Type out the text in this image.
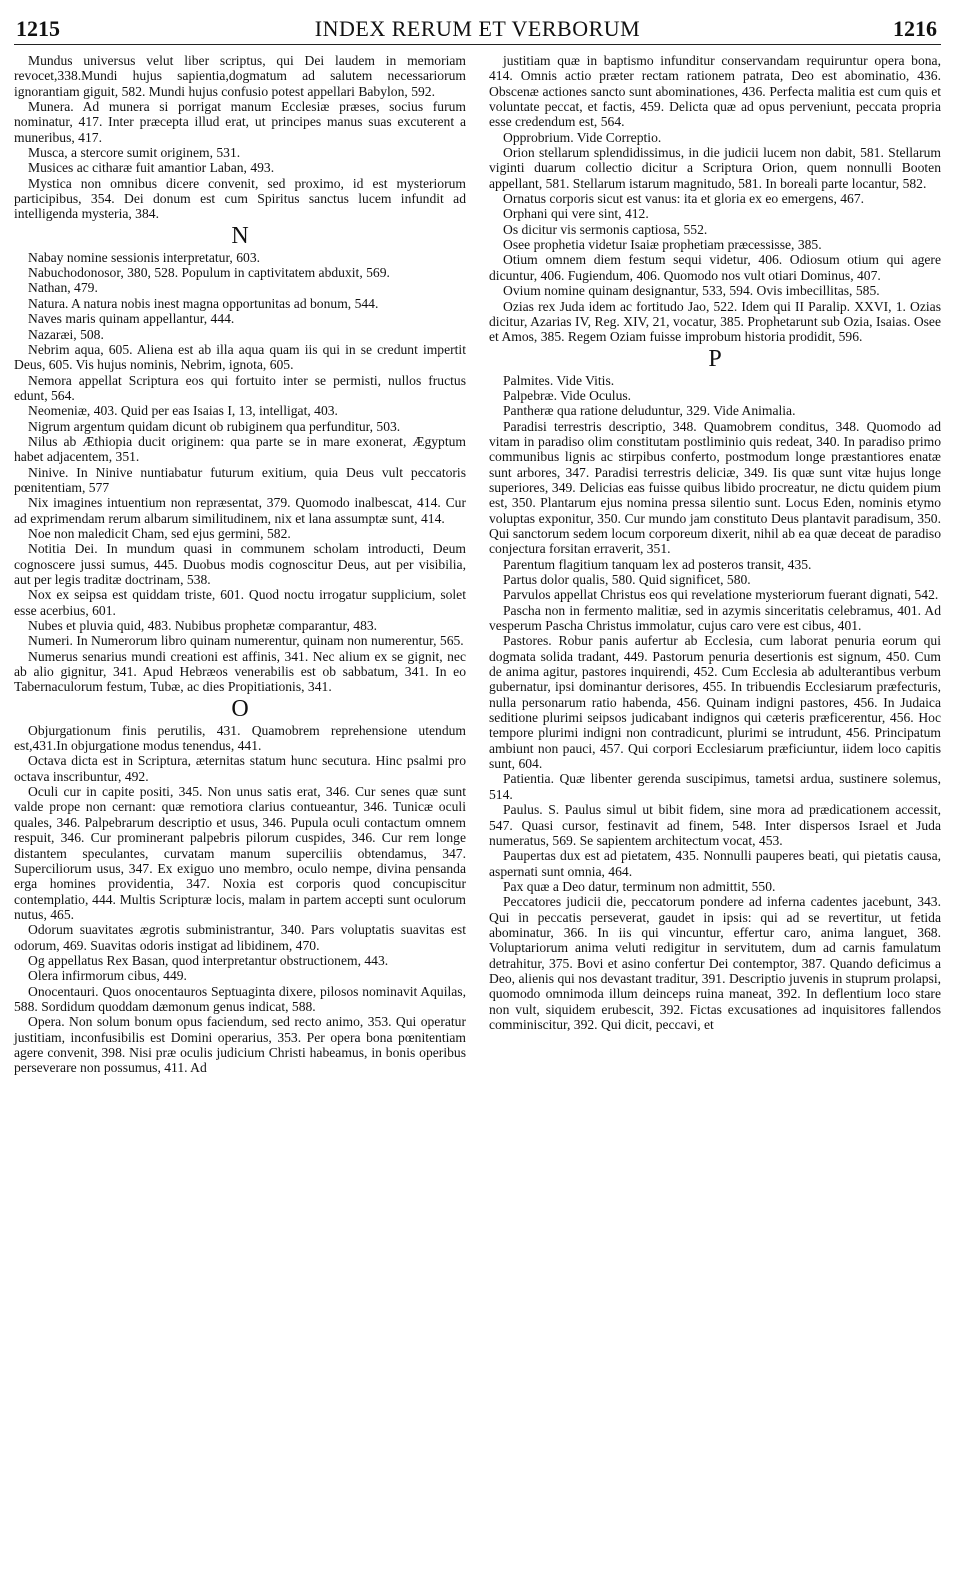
1215	INDEX RERUM ET VERBORUM	1216

Mundus universus velut liber scriptus, qui Dei laudem in memoriam revocet,338.Mundi hujus sapientia,dogmatum ad salutem necessariorum ignorantiam giguit, 582. Mundi hujus confusio potest appellari Babylon, 592.

Munera. Ad munera si porrigat manum Ecclesiæ præses, socius furum nominatur, 417. Inter præcepta illud erat, ut principes manus suas excuterent a muneribus, 417.

Musca, a stercore sumit originem, 531.

Musices ac citharæ fuit amantior Laban, 493.

Mystica non omnibus dicere convenit, sed proximo, id est mysteriorum participibus, 354. Dei donum est cum Spiritus sanctus lucem infundit ad intelligenda mysteria, 384.

N

Nabay nomine sessionis interpretatur, 603.

Nabuchodonosor, 380, 528. Populum in captivitatem abduxit, 569.

Nathan, 479.

Natura. A natura nobis inest magna opportunitas ad bonum, 544.

Naves maris quinam appellantur, 444.

Nazaræi, 508.

Nebrim aqua, 605. Aliena est ab illa aqua quam iis qui in se credunt impertit Deus, 605. Vis hujus nominis, Nebrim, ignota, 605.

Nemora appellat Scriptura eos qui fortuito inter se permisti, nullos fructus edunt, 564.

Neomeniæ, 403. Quid per eas Isaias I, 13, intelligat, 403.

Nigrum argentum quidam dicunt ob rubiginem qua perfunditur, 503.

Nilus ab Æthiopia ducit originem: qua parte se in mare exonerat, Ægyptum habet adjacentem, 351.

Ninive. In Ninive nuntiabatur futurum exitium, quia Deus vult peccatoris pœnitentiam, 577

Nix imagines intuentium non repræsentat, 379. Quomodo inalbescat, 414. Cur ad exprimendam rerum albarum similitudinem, nix et lana assumptæ sunt, 414.

Noe non maledicit Cham, sed ejus germini, 582.

Notitia Dei. In mundum quasi in communem scholam introducti, Deum cognoscere jussi sumus, 445. Duobus modis cognoscitur Deus, aut per visibilia, aut per legis traditæ doctrinam, 538.

Nox ex seipsa est quiddam triste, 601. Quod noctu irrogatur supplicium, solet esse acerbius, 601.

Nubes et pluvia quid, 483. Nubibus prophetæ comparantur, 483.

Numeri. In Numerorum libro quinam numerentur, quinam non numerentur, 565.

Numerus senarius mundi creationi est affinis, 341. Nec alium ex se gignit, nec ab alio gignitur, 341. Apud Hebræos venerabilis est ob sabbatum, 341. In eo Tabernaculorum festum, Tubæ, ac dies Propitiationis, 341.

O

Objurgationum finis perutilis, 431. Quamobrem reprehensione utendum est,431.In objurgatione modus tenendus, 441.

Octava dicta est in Scriptura, æternitas statum hunc secutura. Hinc psalmi pro octava inscribuntur, 492.

Oculi cur in capite positi, 345. Non unus satis erat, 346. Cur senes quæ sunt valde prope non cernant: quæ remotiora clarius contueantur, 346. Tunicæ oculi quales, 346. Palpebrarum descriptio et usus, 346. Pupula oculi contactum omnem respuit, 346. Cur prominerant palpebris pilorum cuspides, 346. Cur rem longe distantem speculantes, curvatam manum superciliis obtendamus, 347. Superciliorum usus, 347. Ex exiguo uno membro, oculo nempe, divina pensanda erga homines providentia, 347. Noxia est corporis quod concupiscitur contemplatio, 444. Multis Scripturæ locis, malam in partem accepti sunt oculorum nutus, 465.

Odorum suavitates ægrotis subministrantur, 340. Pars voluptatis suavitas est odorum, 469. Suavitas odoris instigat ad libidinem, 470.

Og appellatus Rex Basan, quod interpretantur obstructionem, 443.

Olera infirmorum cibus, 449.

Onocentauri. Quos onocentauros Septuaginta dixere, pilosos nominavit Aquilas, 588. Sordidum quoddam dæmonum genus indicat, 588.

Opera. Non solum bonum opus faciendum, sed recto animo, 353. Qui operatur justitiam, inconfusibilis est Domini operarius, 353. Per opera bona pœnitentiam agere convenit, 398. Nisi præ oculis judicium Christi habeamus, in bonis operibus perseverare non possumus, 411. Ad

justitiam quæ in baptismo infunditur conservandam requiruntur opera bona, 414. Omnis actio præter rectam rationem patrata, Deo est abominatio, 436. Obscenæ actiones sancto sunt abominationes, 436. Perfecta malitia est cum quis et voluntate peccat, et factis, 459. Delicta quæ ad opus perveniunt, peccata propria esse credendum est, 564.

Opprobrium. Vide Correptio.

Orion stellarum splendidissimus, in die judicii lucem non dabit, 581. Stellarum viginti duarum collectio dicitur a Scriptura Orion, quem nonnulli Booten appellant, 581. Stellarum istarum magnitudo, 581. In boreali parte locantur, 582.

Ornatus corporis sicut est vanus: ita et gloria ex eo emergens, 467.

Orphani qui vere sint, 412.

Os dicitur vis sermonis captiosa, 552.

Osee prophetia videtur Isaiæ prophetiam præcessisse, 385.

Otium omnem diem festum sequi videtur, 406. Odiosum otium qui agere dicuntur, 406. Fugiendum, 406. Quomodo nos vult otiari Dominus, 407.

Ovium nomine quinam designantur, 533, 594. Ovis imbecillitas, 585.

Ozias rex Juda idem ac fortitudo Jao, 522. Idem qui II Paralip. XXVI, 1. Ozias dicitur, Azarias IV, Reg. XIV, 21, vocatur, 385. Prophetarunt sub Ozia, Isaias. Osee et Amos, 385. Regem Oziam fuisse improbum historia prodidit, 596.

P

Palmites. Vide Vitis.

Palpebræ. Vide Oculus.

Pantheræ qua ratione deluduntur, 329. Vide Animalia.

Paradisi terrestris descriptio, 348. Quamobrem conditus, 348. Quomodo ad vitam in paradiso olim constitutam postliminio quis redeat, 340. In paradiso primo communibus lignis ac stirpibus conferto, postmodum longe præstantiores enatæ sunt arbores, 347. Paradisi terrestris deliciæ, 349. Iis quæ sunt vitæ hujus longe superiores, 349. Delicias eas fuisse quibus libido procreatur, ne dictu quidem pium est, 350. Plantarum ejus nomina pressa silentio sunt. Locus Eden, nominis etymo voluptas exponitur, 350. Cur mundo jam constituto Deus plantavit paradisum, 350. Qui sanctorum sedem locum corporeum dixerit, nihil ab ea quæ deceat de paradiso conjectura forsitan erraverit, 351.

Parentum flagitium tanquam lex ad posteros transit, 435.

Partus dolor qualis, 580. Quid significet, 580.

Parvulos appellat Christus eos qui revelatione mysteriorum fuerant dignati, 542.

Pascha non in fermento malitiæ, sed in azymis sinceritatis celebramus, 401. Ad vesperum Pascha Christus immolatur, cujus caro vere est cibus, 401.

Pastores. Robur panis aufertur ab Ecclesia, cum laborat penuria eorum qui dogmata solida tradant, 449. Pastorum penuria desertionis est signum, 450. Cum de anima agitur, pastores inquirendi, 452. Cum Ecclesia ab adulterantibus verbum gubernatur, ipsi dominantur derisores, 455. In tribuendis Ecclesiarum præfecturis, nulla personarum ratio habenda, 456. Quinam indigni pastores, 456. In Judaica seditione plurimi seipsos judicabant indignos qui cæteris præficerentur, 456. Hoc tempore plurimi indigni non contradicunt, plurimi se intrudunt, 456. Principatum ambiunt non pauci, 457. Qui corpori Ecclesiarum præficiuntur, iidem loco capitis sunt, 604.

Patientia. Quæ libenter gerenda suscipimus, tametsi ardua, sustinere solemus, 514.

Paulus. S. Paulus simul ut bibit fidem, sine mora ad prædicationem accessit, 547. Quasi cursor, festinavit ad finem, 548. Inter dispersos Israel et Juda numeratus, 569. Se sapientem architectum vocat, 453.

Paupertas dux est ad pietatem, 435. Nonnulli pauperes beati, qui pietatis causa, aspernati sunt omnia, 464.

Pax quæ a Deo datur, terminum non admittit, 550.

Peccatores judicii die, peccatorum pondere ad inferna cadentes jacebunt, 343. Qui in peccatis perseverat, gaudet in ipsis: qui ad se revertitur, ut fetida abominatur, 366. In iis qui vincuntur, effertur caro, anima languet, 368. Voluptariorum anima veluti redigitur in servitutem, dum ad carnis famulatum detrahitur, 375. Bovi et asino confertur Dei contemptor, 387. Quando deficimus a Deo, alienis qui nos devastant traditur, 391. Descriptio juvenis in stuprum prolapsi, quomodo omnimoda illum deinceps ruina maneat, 392. In deflentium loco stare non vult, siquidem erubescit, 392. Fictas excusationes ad inquisitores fallendos comminiscitur, 392. Qui dicit, peccavi, et
